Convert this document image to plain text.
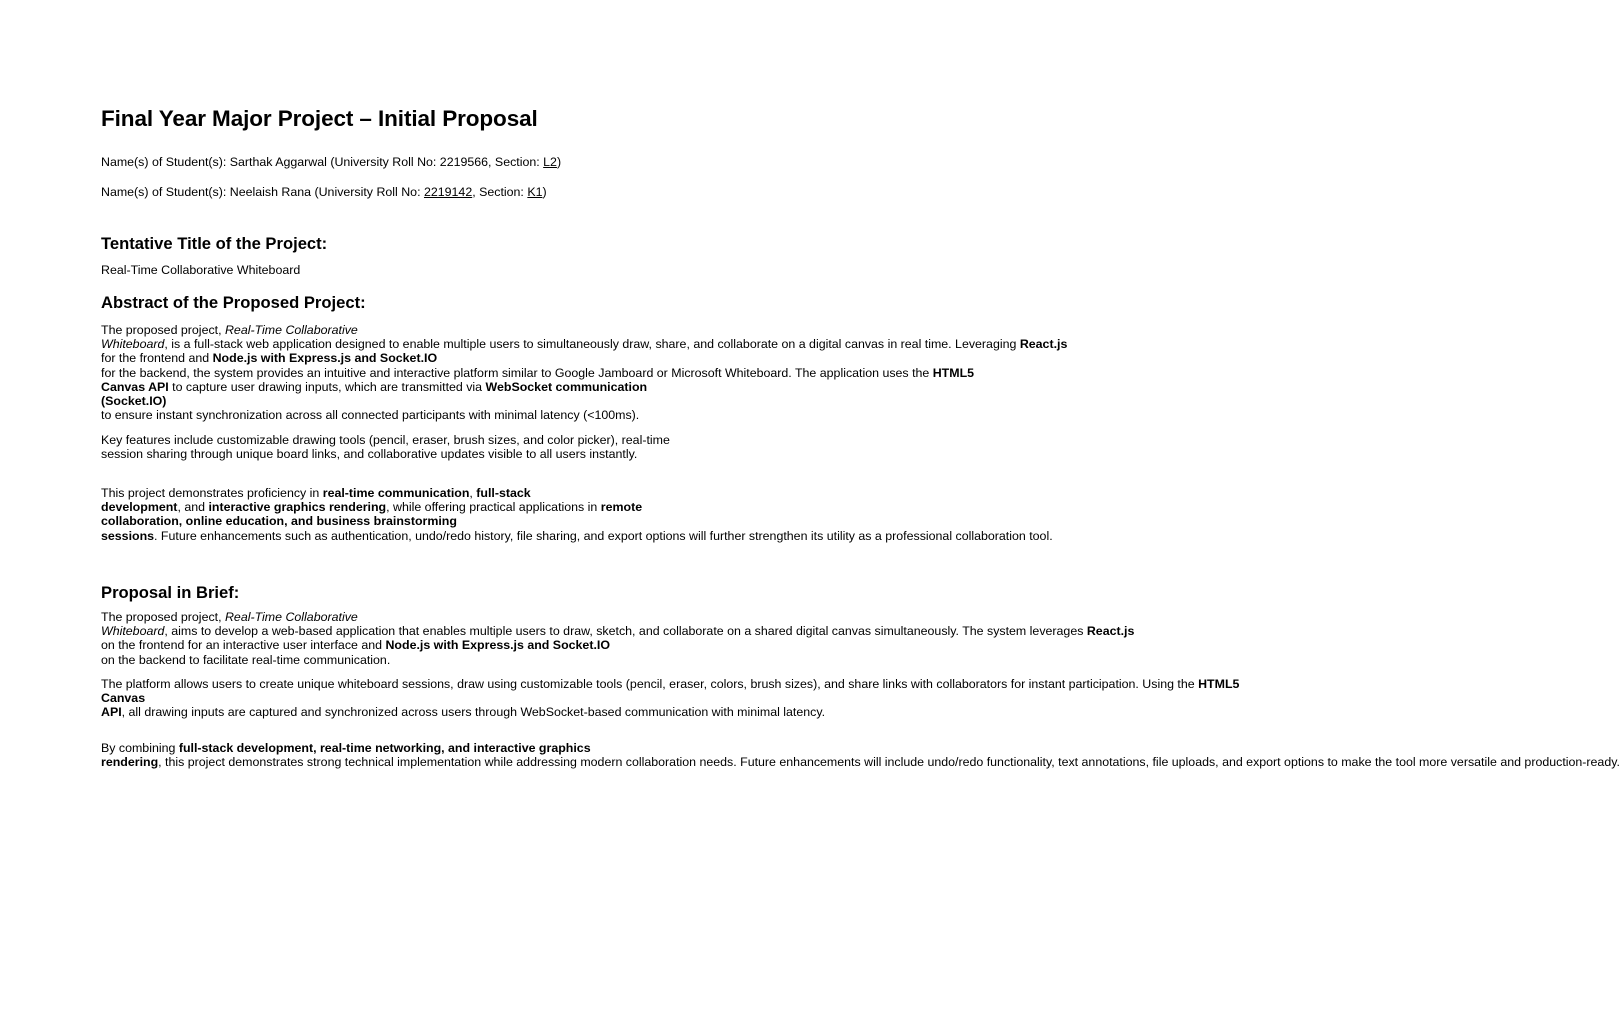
Final Year Major Project – Initial Proposal

Name(s) of Student(s): Sarthak Aggarwal (University Roll No: 2219566, Section: L2)

Name(s) of Student(s): Neelaish Rana (University Roll No: 2219142, Section: K1)

Tentative Title of the Project:

Real-Time Collaborative Whiteboard

Abstract of the Proposed Project:

The proposed project, Real-Time Collaborative Whiteboard, is a full-stack web application designed to enable multiple users to simultaneously draw, share, and collaborate on a digital canvas in real time. Leveraging React.js for the frontend and Node.js with Express.js and Socket.IO for the backend, the system provides an intuitive and interactive platform similar to Google Jamboard or Microsoft Whiteboard. The application uses the HTML5 Canvas API to capture user drawing inputs, which are transmitted via WebSocket communication (Socket.IO) to ensure instant synchronization across all connected participants with minimal latency (<100ms).

Key features include customizable drawing tools (pencil, eraser, brush sizes, and color picker), real-time session sharing through unique board links, and collaborative updates visible to all users instantly.

This project demonstrates proficiency in real-time communication, full-stack development, and interactive graphics rendering, while offering practical applications in remote collaboration, online education, and business brainstorming sessions. Future enhancements such as authentication, undo/redo history, file sharing, and export options will further strengthen its utility as a professional collaboration tool.

Proposal in Brief:

The proposed project, Real-Time Collaborative Whiteboard, aims to develop a web-based application that enables multiple users to draw, sketch, and collaborate on a shared digital canvas simultaneously. The system leverages React.js on the frontend for an interactive user interface and Node.js with Express.js and Socket.IO on the backend to facilitate real-time communication.

The platform allows users to create unique whiteboard sessions, draw using customizable tools (pencil, eraser, colors, brush sizes), and share links with collaborators for instant participation. Using the HTML5 Canvas API, all drawing inputs are captured and synchronized across users through WebSocket-based communication with minimal latency.

By combining full-stack development, real-time networking, and interactive graphics rendering, this project demonstrates strong technical implementation while addressing modern collaboration needs. Future enhancements will include undo/redo functionality, text annotations, file uploads, and export options to make the tool more versatile and production-ready.
